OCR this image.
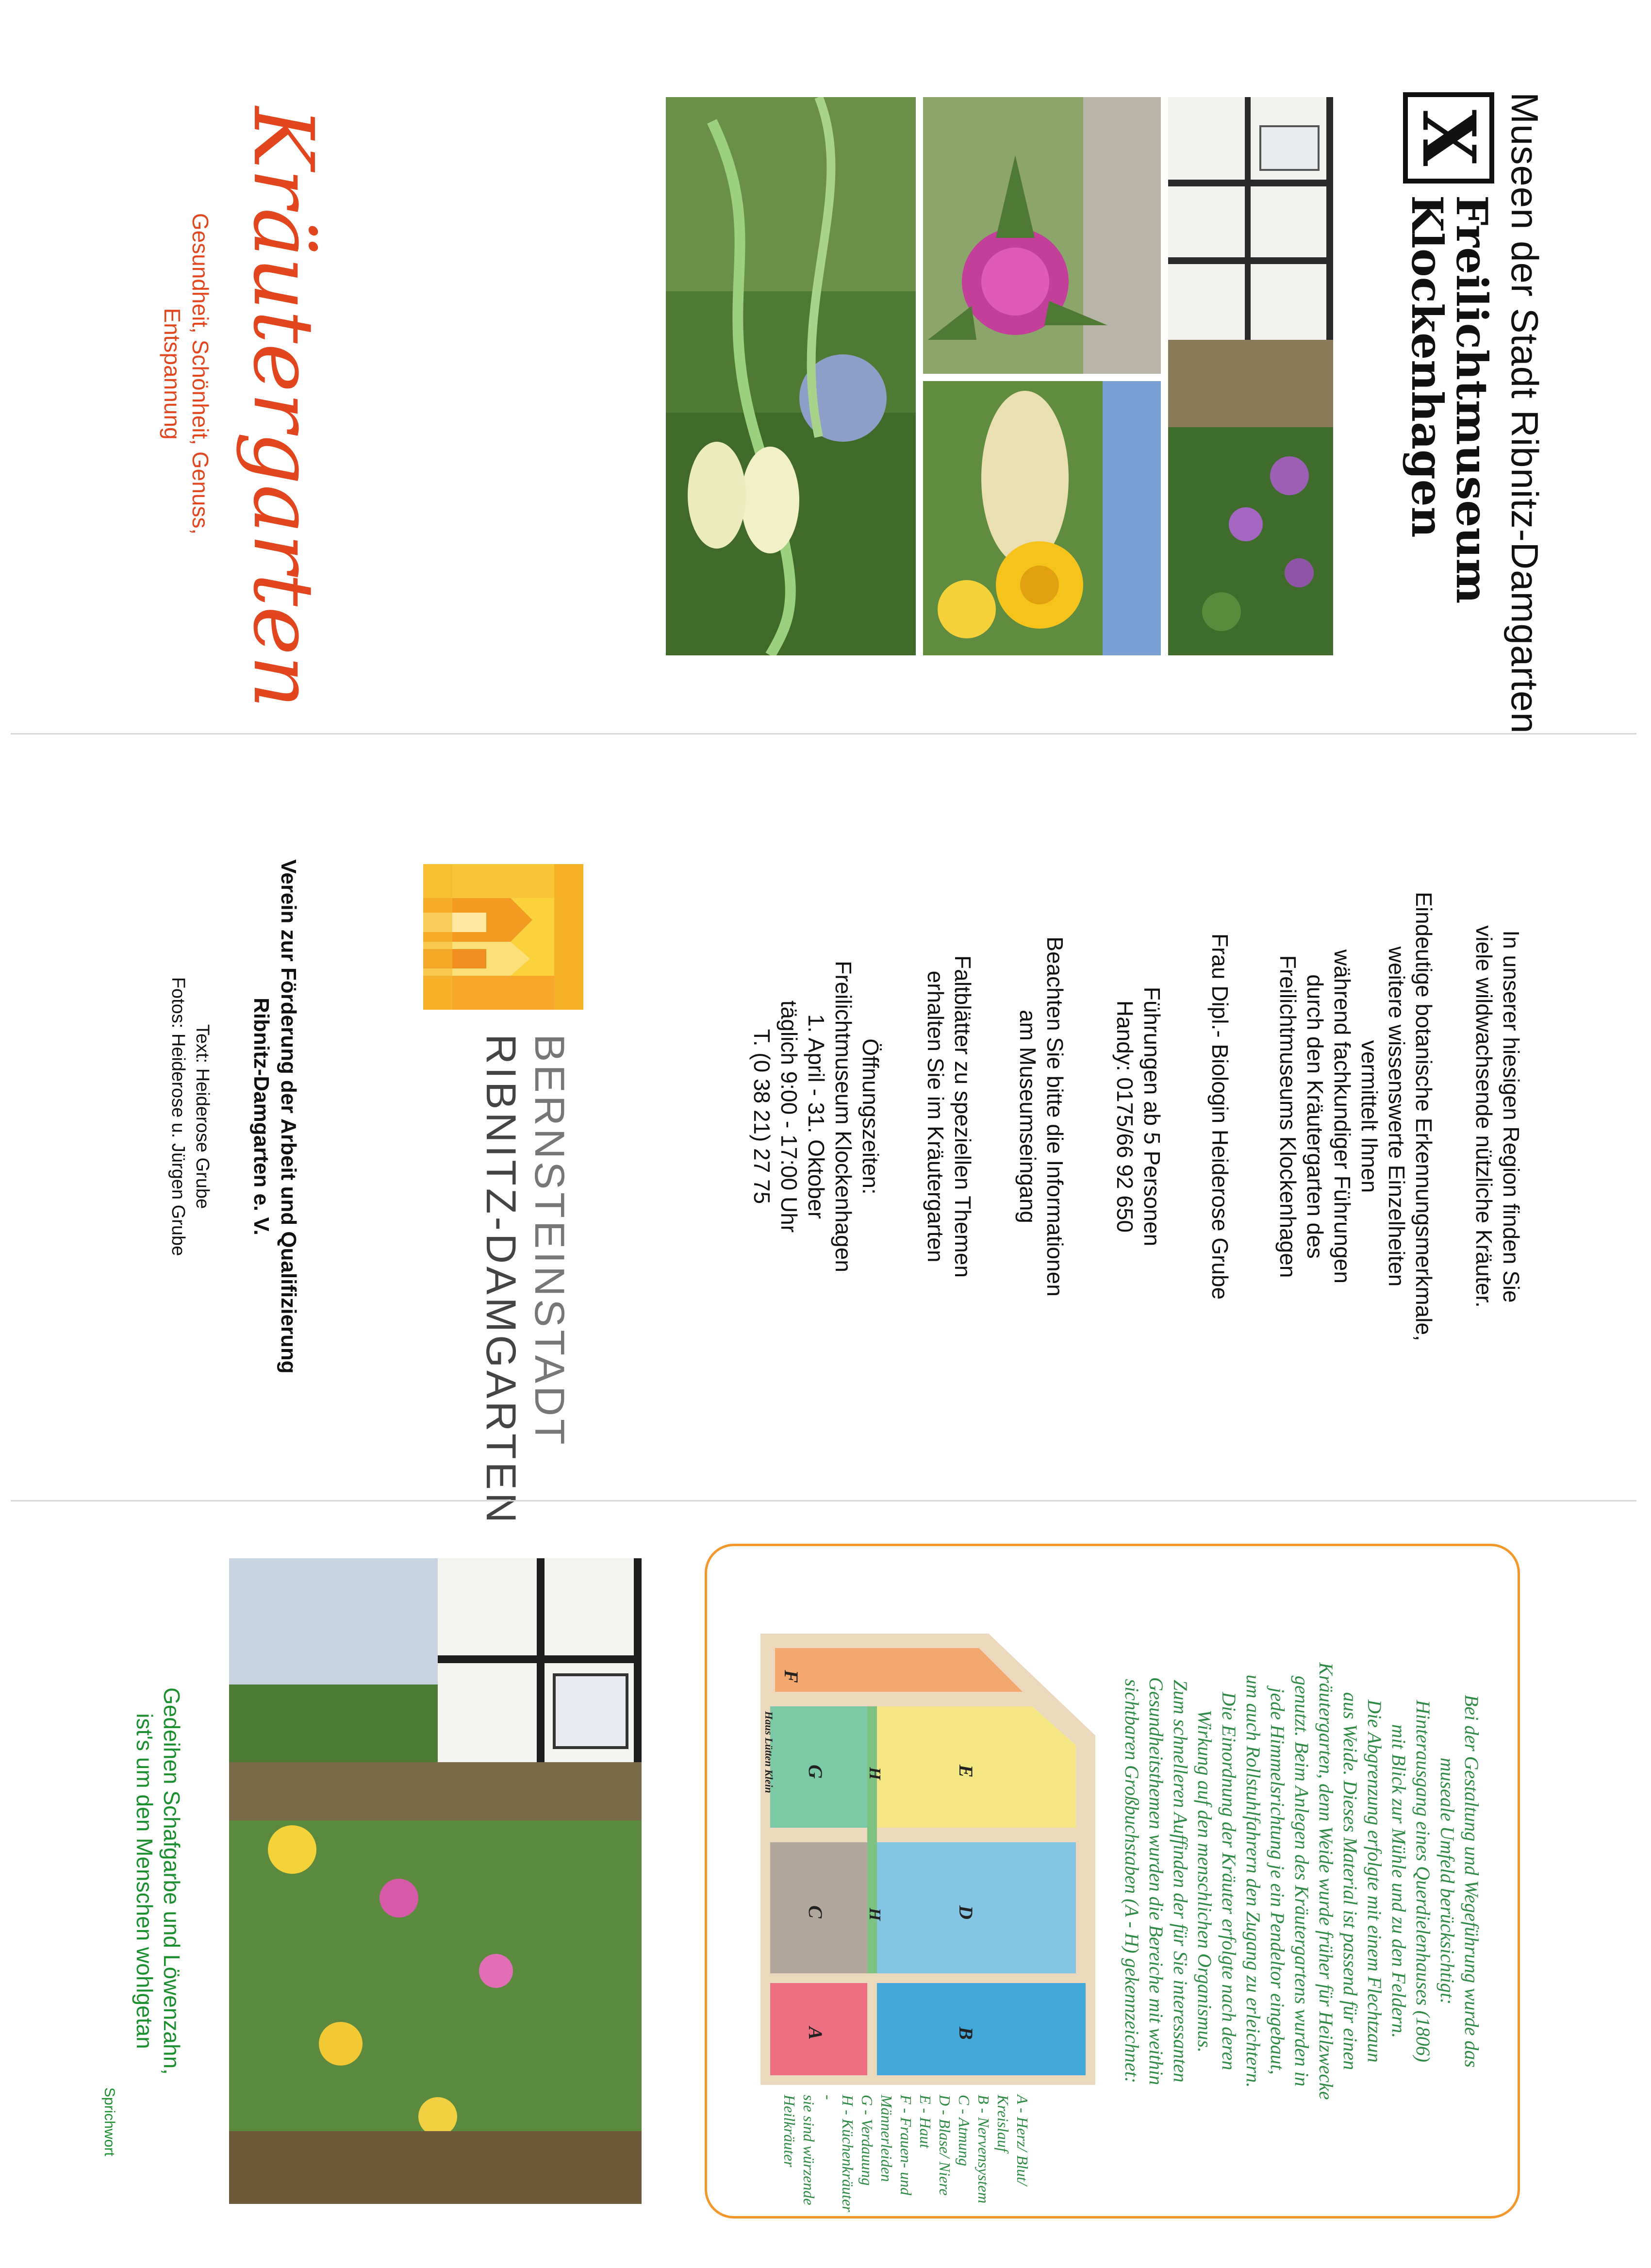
Museen der Stadt Ribnitz-Damgarten
X
Freilichtmuseum
Klockenhagen
Kräutergarten
Gesundheit, Schönheit, Genuss,
Entspannung

In unserer hiesigen Region finden Sie

viele wildwachsende nützliche Kräuter.

Eindeutige botanische Erkennungsmerkmale,

weitere wissenswerte Einzelheiten

vermittelt Ihnen

während fachkundiger Führungen

durch den Kräutergarten des

Freilichtmuseums Klockenhagen

Frau Dipl.- Biologin Heiderose Grube

Führungen ab 5 Personen

Handy: 0175/66 92 650

Beachten Sie bitte die Informationen

am Museumseingang

Faltblätter zu speziellen Themen

erhalten Sie im Kräutergarten

Öffnungszeiten:

Freilichtmuseum Klockenhagen

1. April - 31. Oktober

täglich 9:00 - 17:00 Uhr

T. (0 38 21) 27 75

BERNSTEINSTADT
RIBNITZ-DAMGARTEN
Verein zur Förderung der Arbeit und Qualifizierung
Ribnitz-Damgarten e. V.
Text: Heiderose Grube
Fotos: Heiderose u. Jürgen Grube

Bei der Gestaltung und Wegeführung wurde das

museale Umfeld berücksichtigt:

Hinterausgang eines Querdielenhauses (1806)

mit Blick zur Mühle und zu den Feldern.

Die Abgrenzung erfolgte mit einem Flechtzaun

aus Weide. Dieses Material ist passend für einen

Kräutergarten, denn Weide wurde früher für Heilzwecke

genutzt. Beim Anlegen des Kräutergartens wurden in

jede Himmelsrichtung je ein Pendeltor eingebaut,

um auch Rollstuhlfahrern den Zugang zu erleichtern.

Die Einordnung der Kräuter erfolgte nach deren

Wirkung auf den menschlichen Organismus.

Zum schnelleren Auffinden der für Sie interessanten

Gesundheitsthemen wurden die Bereiche mit weithin

sichtbaren Großbuchstaben (A - H) gekennzeichnet:

F
E
D
B
G
C
A
H
H
Haus Lütten Klein
A - Herz/ Blut/ Kreislauf
B - Nervensystem
C - Atmung
D - Blase/ Niere
E - Haut
F - Frauen- und
Männerleiden
G - Verdauung
H - Küchenkräuter -
sie sind würzende
Heilkräuter
Gedeihen Schafgarbe und Löwenzahn,
ist's um den Menschen wohlgetan
Sprichwort
